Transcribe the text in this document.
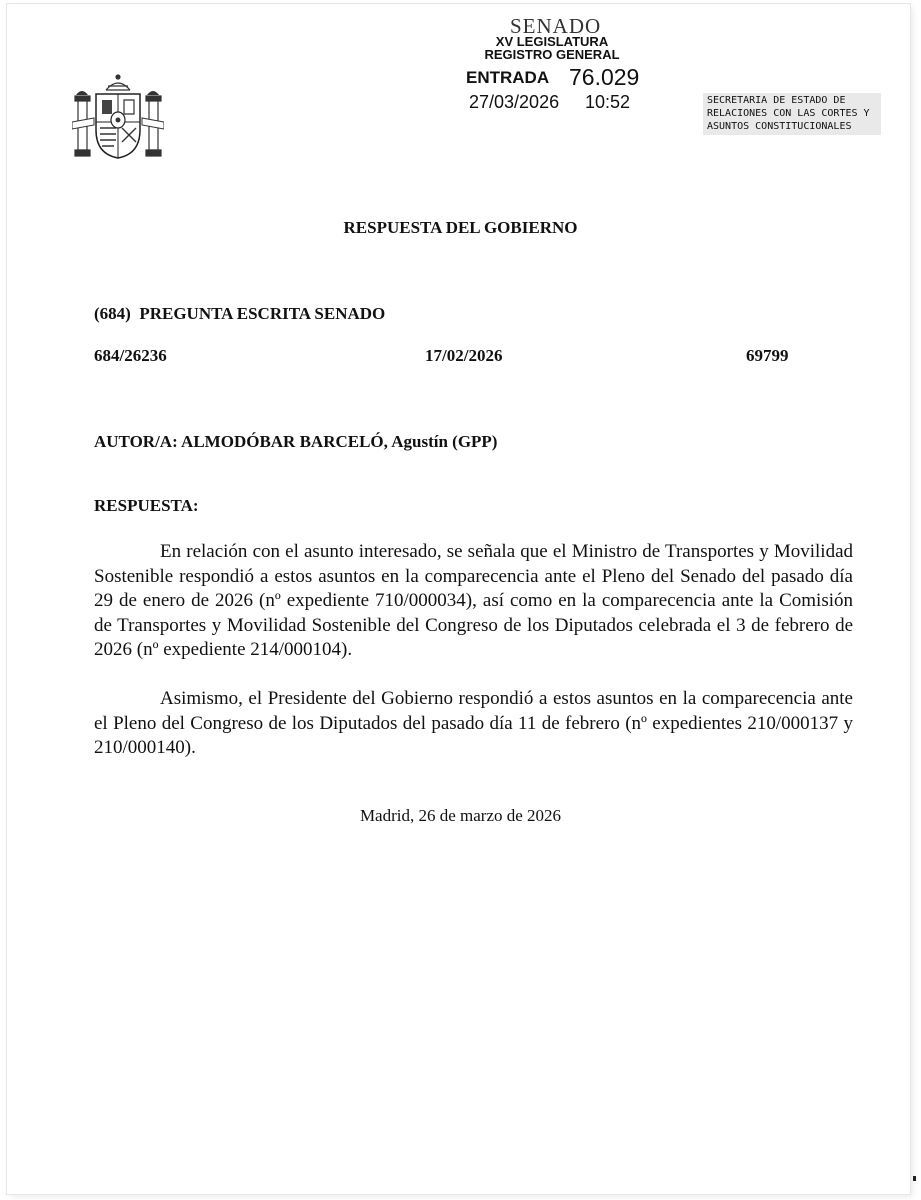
SENADO
XV LEGISLATURA
REGISTRO GENERAL
ENTRADA 76.029
27/03/2026 10:52	SECRETARIA DE ESTADO DE
RELACIONES CON LAS CORTES Y
ASUNTOS CONSTITUCIONALES
RESPUESTA DEL GOBIERNO
(684)  PREGUNTA ESCRITA SENADO
684/26236	17/02/2026	69799
AUTOR/A: ALMODÓBAR BARCELÓ, Agustín (GPP)
RESPUESTA:
En relación con el asunto interesado, se señala que el Ministro de Transportes y Movilidad Sostenible respondió a estos asuntos en la comparecencia ante el Pleno del Senado del pasado día 29 de enero de 2026 (nº expediente 710/000034), así como en la comparecencia ante la Comisión de Transportes y Movilidad Sostenible del Congreso de los Diputados celebrada el 3 de febrero de 2026 (nº expediente 214/000104).
Asimismo, el Presidente del Gobierno respondió a estos asuntos en la comparecencia ante el Pleno del Congreso de los Diputados del pasado día 11 de febrero (nº expedientes 210/000137 y 210/000140).
Madrid, 26 de marzo de 2026
